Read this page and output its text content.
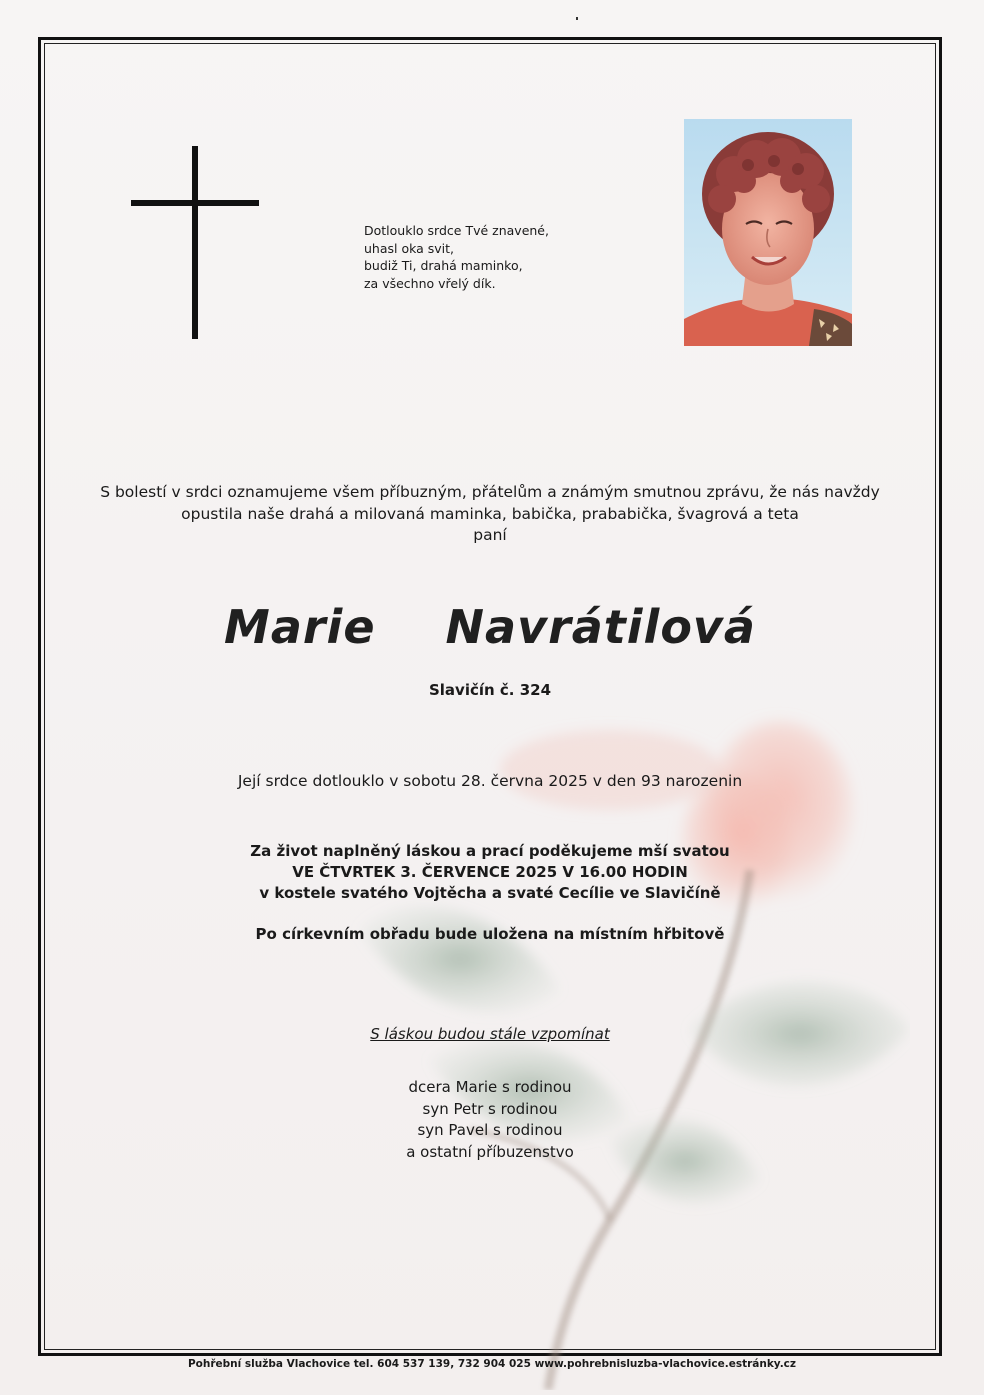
Dotlouklo srdce Tvé znavené,
uhasl oka svit,
budiž Ti, drahá maminko,
za všechno vřelý dík.
S bolestí v srdci oznamujeme všem příbuzným, přátelům a známým smutnou zprávu, že nás navždy
opustila naše drahá a milovaná maminka, babička, prababička, švagrová a teta
paní
Marie  Navrátilová
Slavičín č. 324
Její srdce dotlouklo v sobotu 28. června 2025 v den 93 narozenin
Za život naplněný láskou a prací poděkujeme mší svatou
VE ČTVRTEK 3. ČERVENCE 2025 V 16.00 HODIN
v kostele svatého Vojtěcha a svaté Cecílie ve Slavičíně
Po církevním obřadu bude uložena na místním hřbitově
S láskou budou stále vzpomínat
dcera Marie s rodinou
syn Petr s rodinou
syn Pavel s rodinou
a ostatní příbuzenstvo
Pohřební služba Vlachovice tel. 604 537 139, 732 904 025 www.pohrebnisluzba-vlachovice.estránky.cz
